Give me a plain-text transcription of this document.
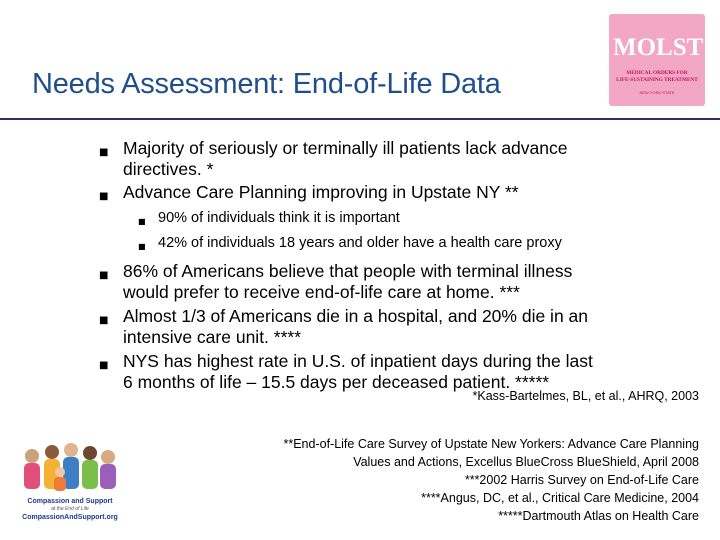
Needs Assessment: End-of-Life Data
MOLST
MEDICAL ORDERS FOR
LIFE-SUSTAINING TREATMENT
NEW YORK STATE
■ Majority of seriously or terminally ill patients lack advance
directives. *
■ Advance Care Planning improving in Upstate NY **
■ 90% of individuals think it is important
■ 42% of individuals 18 years and older have a health care proxy
■ 86% of Americans believe that people with terminal illness
would prefer to receive end-of-life care at home. ***
■ Almost 1/3 of Americans die in a hospital, and 20% die in an
intensive care unit. ****
■ NYS has highest rate in U.S. of inpatient days during the last
6 months of life – 15.5 days per deceased patient. *****
*Kass-Bartelmes, BL, et al., AHRQ, 2003
**End-of-Life Care Survey of Upstate New Yorkers: Advance Care Planning
Values and Actions, Excellus BlueCross BlueShield, April 2008
***2002 Harris Survey on End-of-Life Care
****Angus, DC, et al., Critical Care Medicine, 2004
*****Dartmouth Atlas on Health Care
Compassion and Support
at the End of Life
CompassionAndSupport.org
